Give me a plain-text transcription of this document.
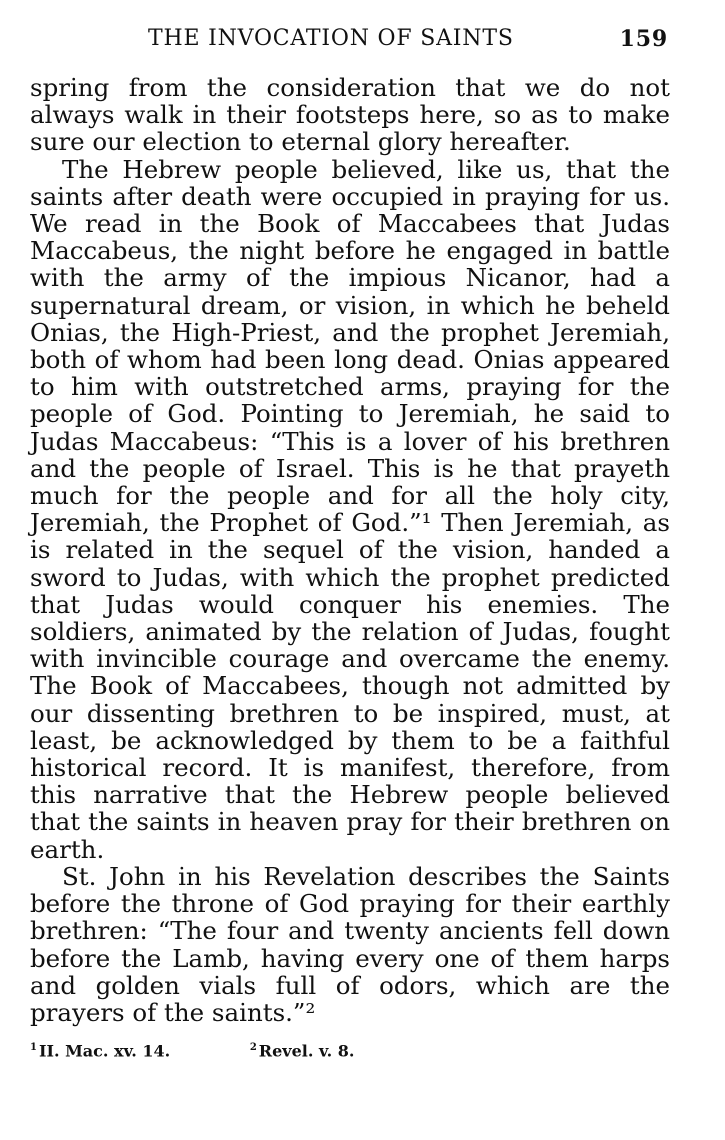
THE INVOCATION OF SAINTS	159

spring from the consideration that we do not always walk in their footsteps here, so as to make sure our election to eternal glory hereafter.

The Hebrew people believed, like us, that the saints after death were occupied in praying for us. We read in the Book of Maccabees that Judas Maccabeus, the night before he engaged in battle with the army of the impious Nicanor, had a supernatural dream, or vision, in which he beheld Onias, the High-Priest, and the prophet Jeremiah, both of whom had been long dead. Onias appeared to him with outstretched arms, praying for the people of God. Pointing to Jeremiah, he said to Judas Maccabeus: “This is a lover of his brethren and the people of Israel. This is he that prayeth much for the people and for all the holy city, Jeremiah, the Prophet of God.”¹ Then Jeremiah, as is related in the sequel of the vision, handed a sword to Judas, with which the prophet predicted that Judas would conquer his enemies. The soldiers, animated by the relation of Judas, fought with invincible courage and overcame the enemy. The Book of Maccabees, though not admitted by our dissenting brethren to be inspired, must, at least, be acknowledged by them to be a faithful historical record. It is manifest, therefore, from this narrative that the Hebrew people believed that the saints in heaven pray for their brethren on earth.

St. John in his Revelation describes the Saints before the throne of God praying for their earthly brethren: “The four and twenty ancients fell down before the Lamb, having every one of them harps and golden vials full of odors, which are the prayers of the saints.”²

$^1$ II. Mac. xv. 14.	$^2$ Revel. v. 8.
